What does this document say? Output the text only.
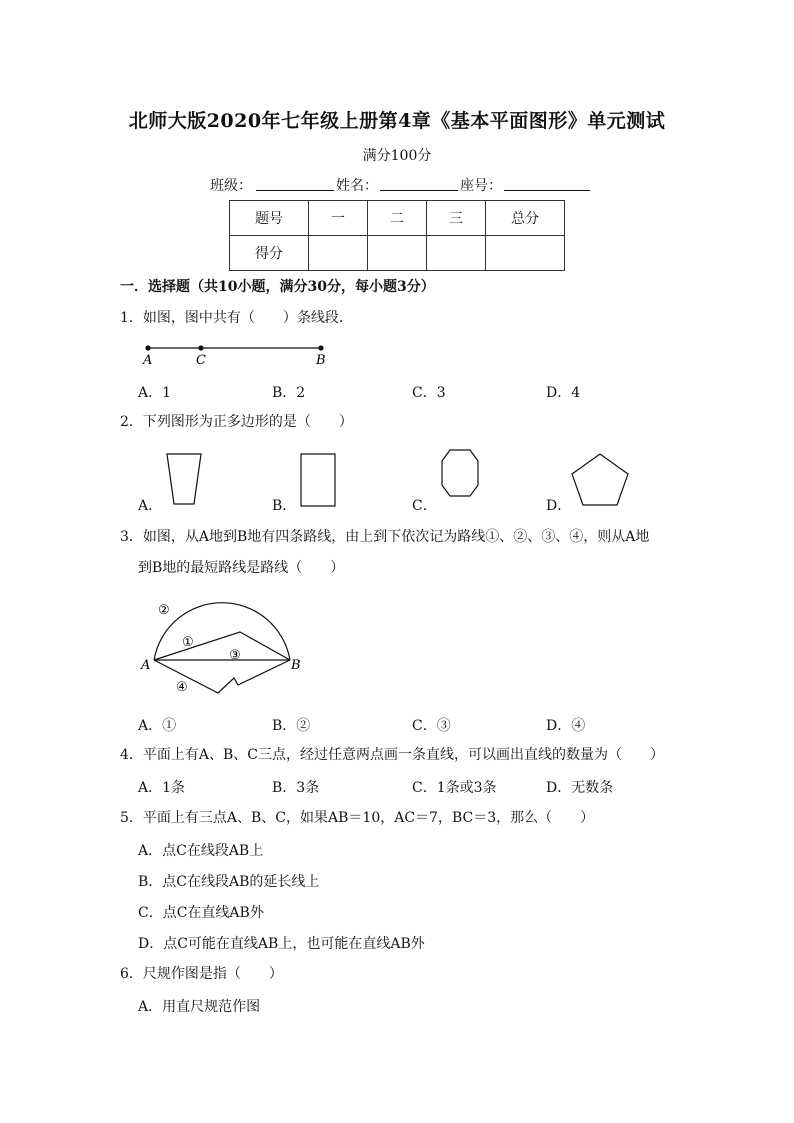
北师大版2020年七年级上册第4章《基本平面图形》单元测试
满分100分
班级：	姓名：	座号：
题号	一	二	三	总分
得分				
一．选择题（共10小题，满分30分，每小题3分）
1．如图，图中共有（　　）条线段．
A	C	B
A．1	B．2	C．3	D．4
2．下列图形为正多边形的是（　　）
A．	B．	C．	D．
3．如图，从A地到B地有四条路线，由上到下依次记为路线①、②、③、④，则从A地
到B地的最短路线是路线（　　）
②
①
③
④
A	B
A．①	B．②	C．③	D．④
4．平面上有A、B、C三点，经过任意两点画一条直线，可以画出直线的数量为（　　）
A．1条	B．3条	C．1条或3条	D．无数条
5．平面上有三点A、B、C，如果AB＝10，AC＝7，BC＝3，那么（　　）
A．点C在线段AB上
B．点C在线段AB的延长线上
C．点C在直线AB外
D．点C可能在直线AB上，也可能在直线AB外
6．尺规作图是指（　　）
A．用直尺规范作图
